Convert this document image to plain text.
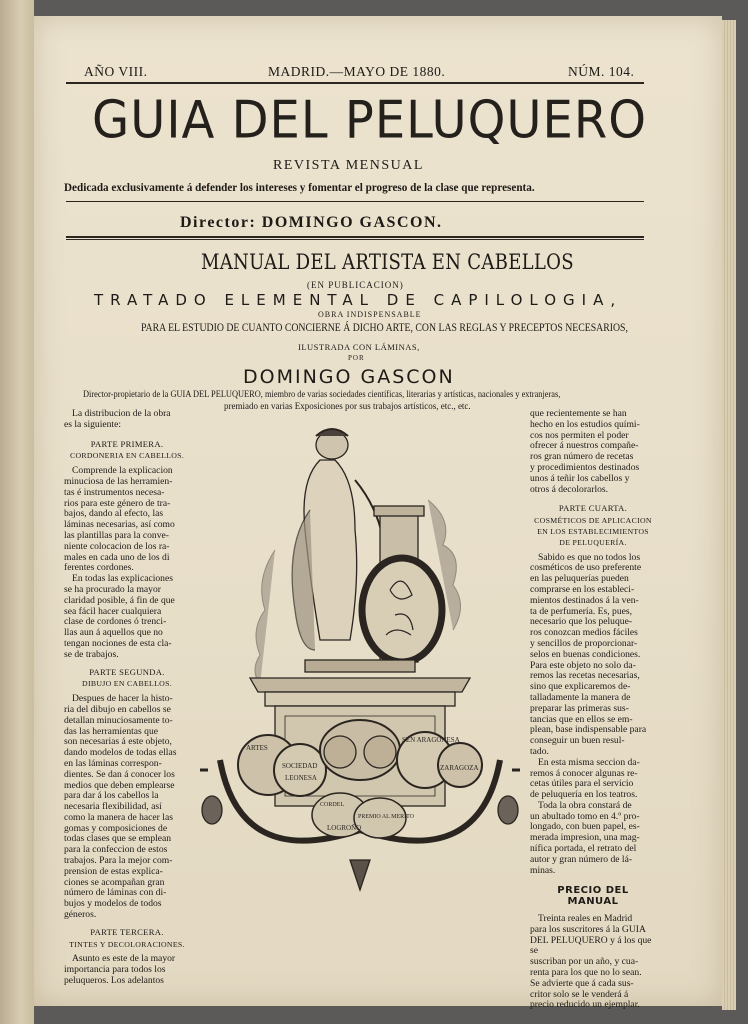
AÑO VIII.	MADRID.—MAYO DE 1880.	NÚM. 104.
GUIA DEL PELUQUERO
REVISTA MENSUAL
Dedicada exclusivamente á defender los intereses y fomentar el progreso de la clase que representa.
Director: DOMINGO GASCON.
MANUAL DEL ARTISTA EN CABELLOS
(EN PUBLICACION)
TRATADO ELEMENTAL DE CAPILOLOGIA,
OBRA INDISPENSABLE
PARA EL ESTUDIO DE CUANTO CONCIERNE Á DICHO ARTE, CON LAS REGLAS Y PRECEPTOS NECESARIOS,
ILUSTRADA CON LÁMINAS,
POR
DOMINGO GASCON
Director-propietario de la GUIA DEL PELUQUERO, miembro de varias sociedades científicas, literarias y artísticas, nacionales y extranjeras,
premiado en varias Exposiciones por sus trabajos artísticos, etc., etc.

La distribucion de la obra

es la siguiente:

PARTE PRIMERA.

CORDONERIA EN CABELLOS.

Comprende la explicacion

minuciosa de las herramien-

tas é instrumentos necesa-

rios para este género de tra-

bajos, dando al efecto, las

láminas necesarias, así como

las plantillas para la conve-

niente colocacion de los ra-

males en cada uno de los di

ferentes cordones.

En todas las explicaciones

se ha procurado la mayor

claridad posible, á fin de que

sea fácil hacer cualquiera

clase de cordones ó trenci-

llas aun á aquellos que no

tengan nociones de esta cla-

se de trabajos.

PARTE SEGUNDA.

DIBUJO EN CABELLOS.

Despues de hacer la histo-

ria del dibujo en cabellos se

detallan minuciosamente to-

das las herramientas que

son necesarias á este objeto,

dando modelos de todas ellas

en las láminas correspon-

dientes. Se dan á conocer los

medios que deben emplearse

para dar á los cabellos la

necesaria flexibilidad, así

como la manera de hacer las

gomas y composiciones de

todas clases que se emplean

para la confeccion de estos

trabajos. Para la mejor com-

prension de estas explica-

ciones se acompañan gran

número de láminas con di-

bujos y modelos de todos

géneros.

PARTE TERCERA.

TINTES Y DECOLORACIONES.

Asunto es este de la mayor

importancia para todos los

peluqueros. Los adelantos

que recientemente se han

hecho en los estudios quími-

cos nos permiten el poder

ofrecer á nuestros compañe-

ros gran número de recetas

y procedimientos destinados

unos á teñir los cabellos y

otros á decolorarlos.

PARTE CUARTA.

COSMÉTICOS DE APLICACION

EN LOS ESTABLECIMIENTOS

DE PELUQUERÍA.

Sabido es que no todos los

cosméticos de uso preferente

en las peluquerías pueden

comprarse en los estableci-

mientos destinados á la ven-

ta de perfumería. Es, pues,

necesario que los peluque-

ros conozcan medios fáciles

y sencillos de proporcionar-

selos en buenas condiciones.

Para este objeto no solo da-

remos las recetas necesarias,

sino que explicaremos de-

talladamente la manera de

preparar las primeras sus-

tancias que en ellos se em-

plean, base indispensable para

conseguir un buen resul-

tado.

En esta misma seccion da-

remos á conocer algunas re-

cetas útiles para el servicio

de peluquería en los teatros.

Toda la obra constará de

un abultado tomo en 4.º pro-

longado, con buen papel, es-

merada impresion, una mag-

nífica portada, el retrato del

autor y gran número de lá-

minas.

PRECIO DEL MANUAL

Treinta reales en Madrid

para los suscritores á la GUIA

DEL PELUQUERO y á los que se

suscriban por un año, y cua-

renta para los que no lo sean.

Se advierte que á cada sus-

critor solo se le venderá á

precio reducido un ejemplar.

ARTES
SOCIEDAD
LEONESA
ZARAGOZA
SEN ARAGONESA
LOGROÑO
PREMIO AL MERITO
CORDEL
